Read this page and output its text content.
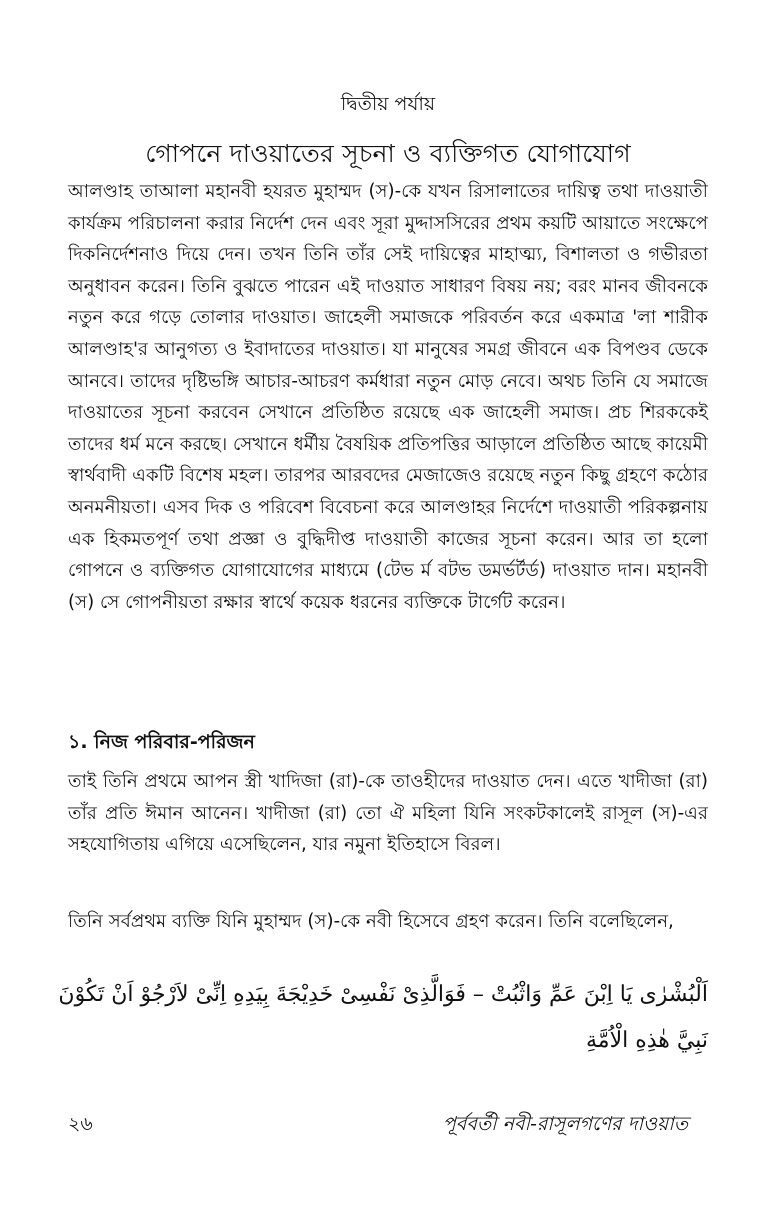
দ্বিতীয় পর্যায়
গোপনে দাওয়াতের সূচনা ও ব্যক্তিগত যোগাযোগ

আলণ্ডাহ তাআলা মহানবী হযরত মুহাম্মদ (স)-কে যখন রিসালাতের দায়িত্ব তথা দাওয়াতী কার্যক্রম পরিচালনা করার নির্দেশ দেন এবং সূরা মুদ্দাসসিরের প্রথম কয়টি আয়াতে সংক্ষেপে দিকনির্দেশনাও দিয়ে দেন। তখন তিনি তাঁর সেই দায়িত্বের মাহাত্ম্য, বিশালতা ও গভীরতা অনুধাবন করেন। তিনি বুঝতে পারেন এই দাওয়াত সাধারণ বিষয় নয়; বরং মানব জীবনকে নতুন করে গড়ে তোলার দাওয়াত। জাহেলী সমাজকে পরিবর্তন করে একমাত্র 'লা শারীক আলণ্ডাহ'র আনুগত্য ও ইবাদাতের দাওয়াত। যা মানুষের সমগ্র জীবনে এক বিপণ্ডব ডেকে আনবে। তাদের দৃষ্টিভঙ্গি আচার-আচরণ কর্মধারা নতুন মোড় নেবে। অথচ তিনি যে সমাজে দাওয়াতের সূচনা করবেন সেখানে প্রতিষ্ঠিত রয়েছে এক জাহেলী সমাজ। প্রচ শিরককেই তাদের ধর্ম মনে করছে। সেখানে ধর্মীয় বৈষয়িক প্রতিপত্তির আড়ালে প্রতিষ্ঠিত আছে কায়েমী স্বার্থবাদী একটি বিশেষ মহল। তারপর আরবদের মেজাজেও রয়েছে নতুন কিছু গ্রহণে কঠোর অনমনীয়তা। এসব দিক ও পরিবেশ বিবেচনা করে আলণ্ডাহর নির্দেশে দাওয়াতী পরিকল্পনায় এক হিকমতপূর্ণ তথা প্রজ্ঞা ও বুদ্ধিদীপ্ত দাওয়াতী কাজের সূচনা করেন। আর তা হলো গোপনে ও ব্যক্তিগত যোগাযোগের মাধ্যমে (টেভ র্ম বটভ ডমর্ভর্টর্ড) দাওয়াত দান। মহানবী (স) সে গোপনীয়তা রক্ষার স্বার্থে কয়েক ধরনের ব্যক্তিকে টার্গেট করেন।

১. নিজ পরিবার-পরিজন

তাই তিনি প্রথমে আপন স্ত্রী খাদিজা (রা)-কে তাওহীদের দাওয়াত দেন। এতে খাদীজা (রা) তাঁর প্রতি ঈমান আনেন। খাদীজা (রা) তো ঐ মহিলা যিনি সংকটকালেই রাসূল (স)-এর সহযোগিতায় এগিয়ে এসেছিলেন, যার নমুনা ইতিহাসে বিরল।

তিনি সর্বপ্রথম ব্যক্তি যিনি মুহাম্মদ (স)-কে নবী হিসেবে গ্রহণ করেন। তিনি বলেছিলেন,

اَلْبُشْرٰى يَا اِبْنَ عَمِّ وَاثْبُتْ – فَوَالَّذِىْ نَفْسِىْ خَدِيْجَةَ بِيَدِهِ اِنِّىْ لاَرْجُوْ اَنْ تَكُوْنَ
نَبِيَّ هٰذِهِ الْاُمَّةِ
২৬	পূর্ববর্তী নবী-রাসূলগণের দাওয়াত
